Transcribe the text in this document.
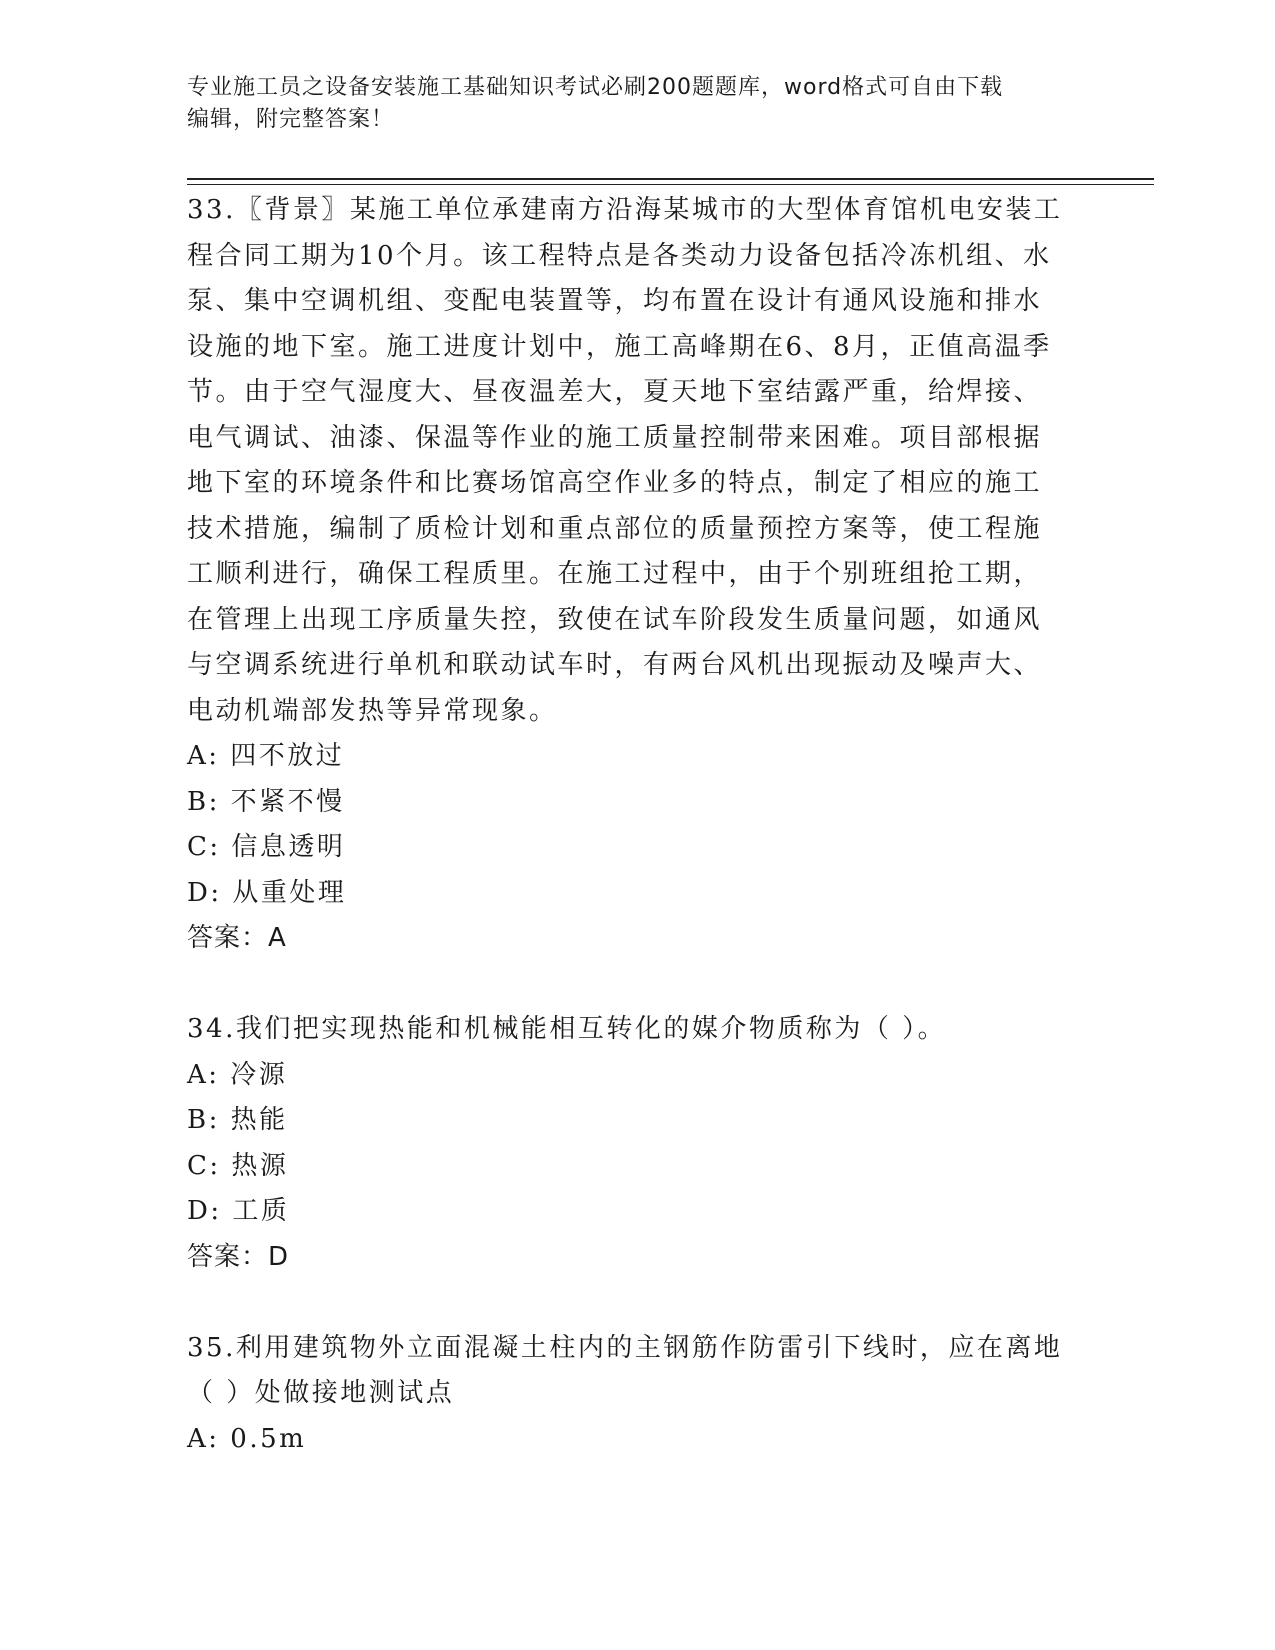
专业施工员之设备安装施工基础知识考试必刷200题题库，word格式可自由下载
编辑，附完整答案！
33.〖背景〗某施工单位承建南方沿海某城市的大型体育馆机电安装工
程合同工期为10个月。该工程特点是各类动力设备包括冷冻机组、水
泵、集中空调机组、变配电装置等，均布置在设计有通风设施和排水
设施的地下室。施工进度计划中，施工高峰期在6、8月，正值高温季
节。由于空气湿度大、昼夜温差大，夏天地下室结露严重，给焊接、
电气调试、油漆、保温等作业的施工质量控制带来困难。项目部根据
地下室的环境条件和比赛场馆高空作业多的特点，制定了相应的施工
技术措施，编制了质检计划和重点部位的质量预控方案等，使工程施
工顺利进行，确保工程质里。在施工过程中，由于个别班组抢工期，
在管理上出现工序质量失控，致使在试车阶段发生质量问题，如通风
与空调系统进行单机和联动试车时，有两台风机出现振动及噪声大、
电动机端部发热等异常现象。
A: 四不放过
B: 不紧不慢
C: 信息透明
D: 从重处理
答案：A
34.我们把实现热能和机械能相互转化的媒介物质称为（ ）。
A: 冷源
B: 热能
C: 热源
D: 工质
答案：D
35.利用建筑物外立面混凝土柱内的主钢筋作防雷引下线时，应在离地
（ ）处做接地测试点
A: 0.5m
